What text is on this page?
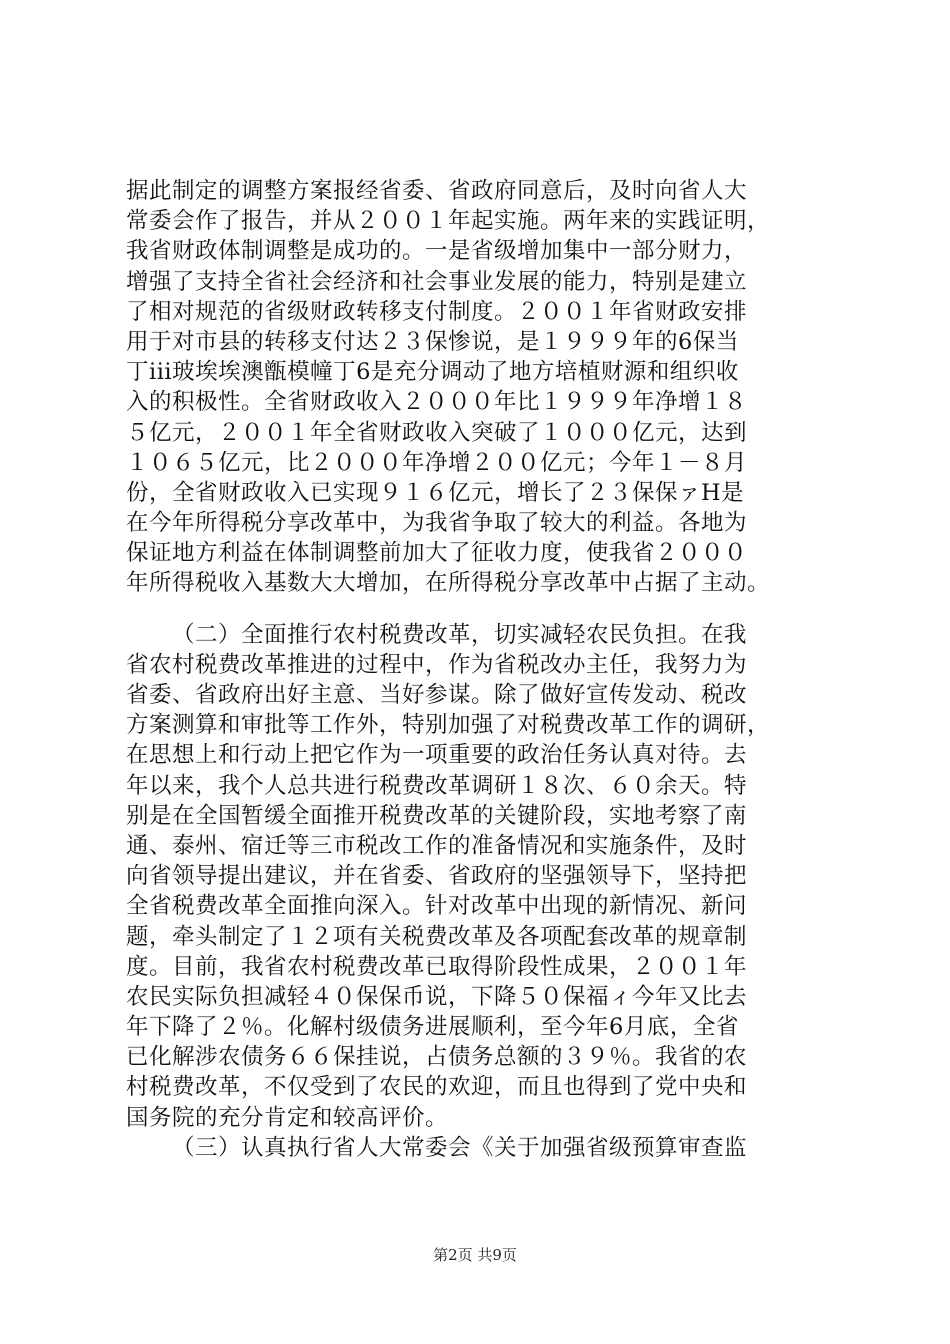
据此制定的调整方案报经省委、省政府同意后，及时向省人大
常委会作了报告，并从２００１年起实施。两年来的实践证明，
我省财政体制调整是成功的。一是省级增加集中一部分财力，
增强了支持全省社会经济和社会事业发展的能力，特别是建立
了相对规范的省级财政转移支付制度。２００１年省财政安排
用于对市县的转移支付达２３保惨说，是１９９９年的6保当
丁iii玻埃埃澳甑模幢丁6是充分调动了地方培植财源和组织收
入的积极性。全省财政收入２０００年比１９９９年净增１８
５亿元，２００１年全省财政收入突破了１０００亿元，达到
１０６５亿元，比２０００年净增２００亿元；今年１－８月
份，全省财政收入已实现９１６亿元，增长了２３保保ァH是
在今年所得税分享改革中，为我省争取了较大的利益。各地为
保证地方利益在体制调整前加大了征收力度，使我省２０００
年所得税收入基数大大增加，在所得税分享改革中占据了主动。
（二）全面推行农村税费改革，切实减轻农民负担。在我
省农村税费改革推进的过程中，作为省税改办主任，我努力为
省委、省政府出好主意、当好参谋。除了做好宣传发动、税改
方案测算和审批等工作外，特别加强了对税费改革工作的调研，
在思想上和行动上把它作为一项重要的政治任务认真对待。去
年以来，我个人总共进行税费改革调研１８次、６０余天。特
别是在全国暂缓全面推开税费改革的关键阶段，实地考察了南
通、泰州、宿迁等三市税改工作的准备情况和实施条件，及时
向省领导提出建议，并在省委、省政府的坚强领导下，坚持把
全省税费改革全面推向深入。针对改革中出现的新情况、新问
题，牵头制定了１２项有关税费改革及各项配套改革的规章制
度。目前，我省农村税费改革已取得阶段性成果，２００１年
农民实际负担减轻４０保保币说，下降５０保福ィ今年又比去
年下降了２％。化解村级债务进展顺利，至今年6月底，全省
已化解涉农债务６６保挂说，占债务总额的３９％。我省的农
村税费改革，不仅受到了农民的欢迎，而且也得到了党中央和
国务院的充分肯定和较高评价。
（三）认真执行省人大常委会《关于加强省级预算审查监
第2页 共9页
